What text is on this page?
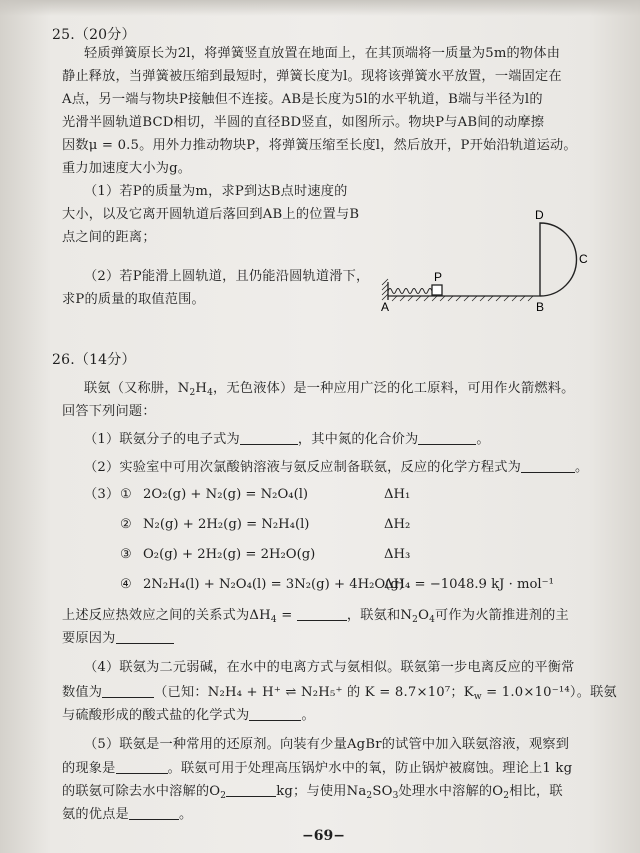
25.（20分）
轻质弹簧原长为2l，将弹簧竖直放置在地面上，在其顶端将一质量为5m的物体由
静止释放，当弹簧被压缩到最短时，弹簧长度为l。现将该弹簧水平放置，一端固定在
A点，另一端与物块P接触但不连接。AB是长度为5l的水平轨道，B端与半径为l的
光滑半圆轨道BCD相切，半圆的直径BD竖直，如图所示。物块P与AB间的动摩擦
因数μ = 0.5。用外力推动物块P，将弹簧压缩至长度l，然后放开，P开始沿轨道运动。
重力加速度大小为g。
（1）若P的质量为m，求P到达B点时速度的
大小，以及它离开圆轨道后落回到AB上的位置与B
点之间的距离；
（2）若P能滑上圆轨道，且仍能沿圆轨道滑下，
求P的质量的取值范围。	A
P
B
D
C
26.（14分）
联氨（又称肼，$N_2H_4$，无色液体）是一种应用广泛的化工原料，可用作火箭燃料。
回答下列问题：
（1）联氨分子的电子式为	，其中氮的化合价为	。
（2）实验室中可用次氯酸钠溶液与氨反应制备联氨，反应的化学方程式为	。
（3） ① 2O₂(g) + N₂(g) = N₂O₄(l)	ΔH₁
② N₂(g) + 2H₂(g) = N₂H₄(l)	ΔH₂
③ O₂(g) + 2H₂(g) = 2H₂O(g)	ΔH₃
④ 2N₂H₄(l) + N₂O₄(l) = 3N₂(g) + 4H₂O(g)
ΔH₄ = −1048.9 kJ · mol⁻¹
上述反应热效应之间的关系式为$\Delta H_4$ =	，联氨和$N_2O_4$可作为火箭推进剂的主
要原因为
（4）联氨为二元弱碱，在水中的电离方式与氨相似。联氨第一步电离反应的平衡常
数值为	（已知：N₂H₄ + H⁺ ⇌ N₂H₅⁺ 的 K = 8.7×10⁷；$K_w = 1.0\times 10^{-14}$）。联氨
与硫酸形成的酸式盐的化学式为	。
（5）联氨是一种常用的还原剂。向装有少量AgBr的试管中加入联氨溶液，观察到
的现象是	。联氨可用于处理高压锅炉水中的氧，防止锅炉被腐蚀。理论上1 kg
的联氨可除去水中溶解的$O_2$	kg；与使用$Na_2SO_3$处理水中溶解的$O_2$相比，联
氨的优点是	。
−69−
